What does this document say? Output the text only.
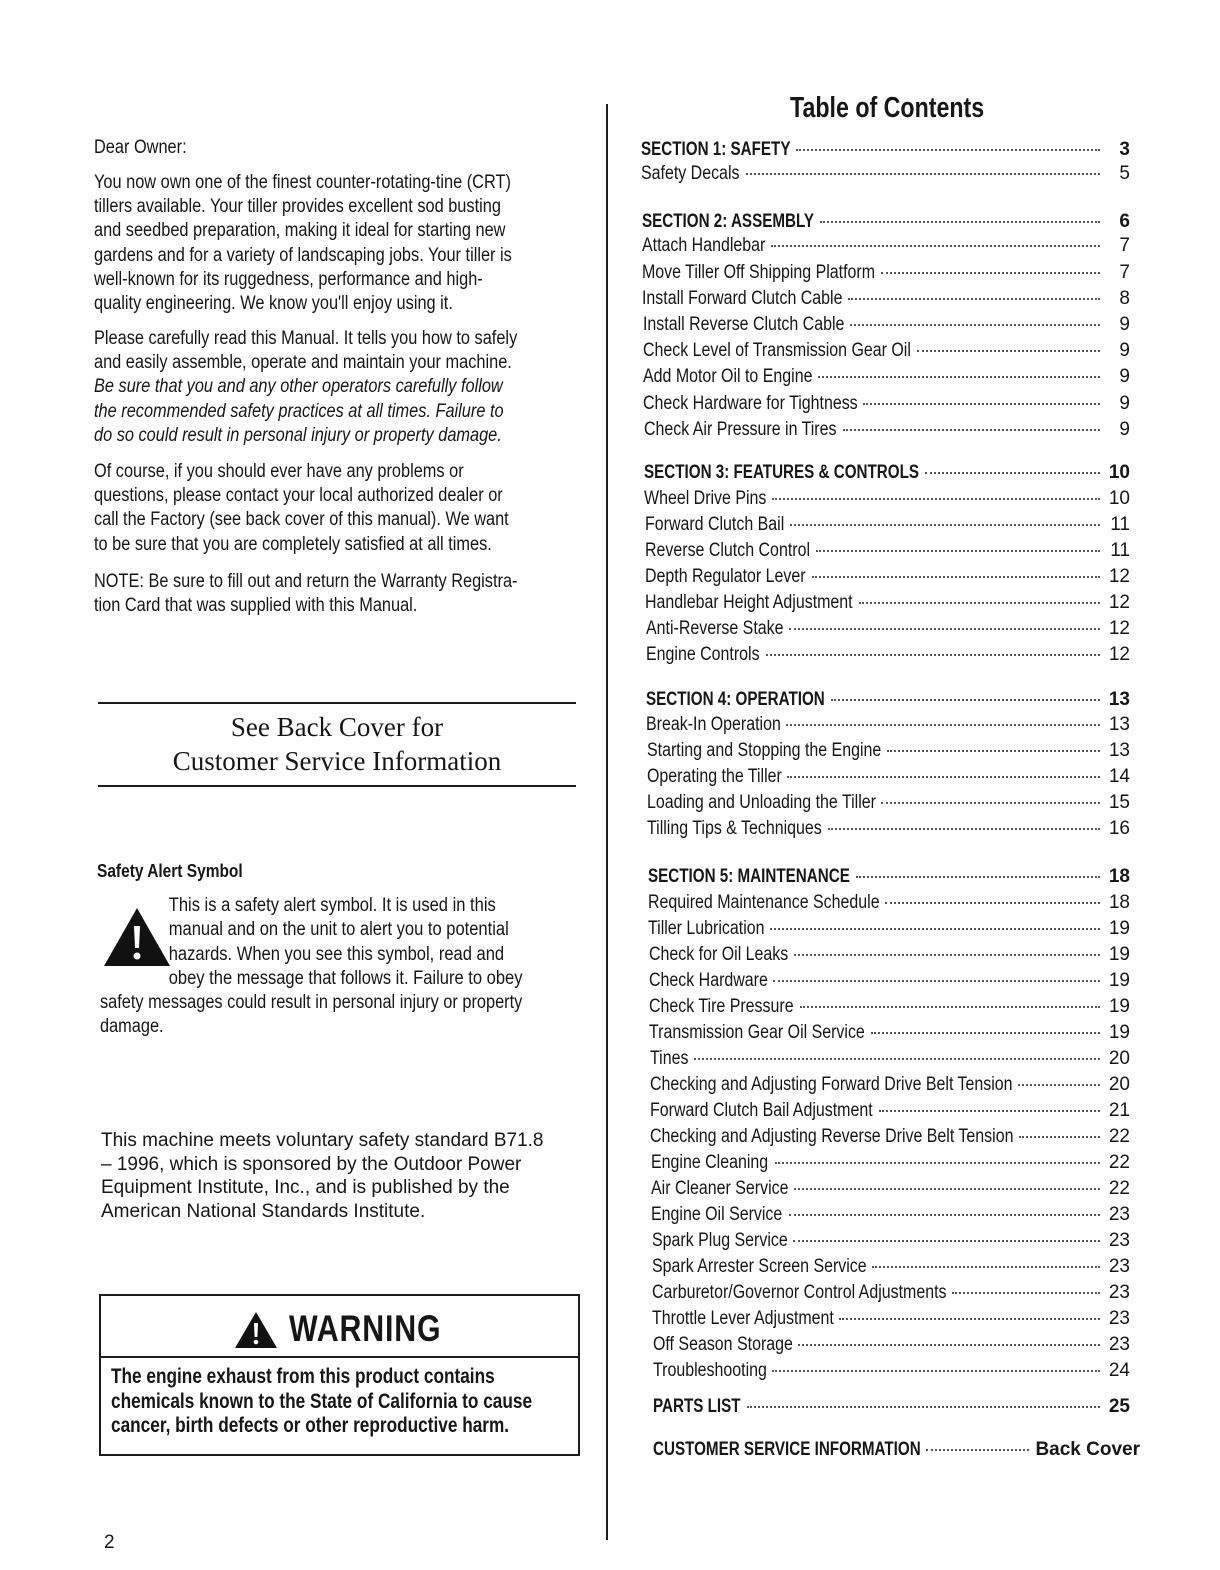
Dear Owner:
You now own one of the finest counter-rotating-tine (CRT)
tillers available. Your tiller provides excellent sod busting
and seedbed preparation, making it ideal for starting new
gardens and for a variety of landscaping jobs. Your tiller is
well-known for its ruggedness, performance and high-
quality engineering. We know you'll enjoy using it.
Please carefully read this Manual. It tells you how to safely
and easily assemble, operate and maintain your machine.
Be sure that you and any other operators carefully follow
the recommended safety practices at all times. Failure to
do so could result in personal injury or property damage.
Of course, if you should ever have any problems or
questions, please contact your local authorized dealer or
call the Factory (see back cover of this manual). We want
to be sure that you are completely satisfied at all times.
NOTE: Be sure to fill out and return the Warranty Registra-
tion Card that was supplied with this Manual.
See Back Cover for
Customer Service Information
Safety Alert Symbol
This is a safety alert symbol. It is used in this
manual and on the unit to alert you to potential
hazards. When you see this symbol, read and
obey the message that follows it. Failure to obey
safety messages could result in personal injury or property
damage.
This machine meets voluntary safety standard B71.8
– 1996, which is sponsored by the Outdoor Power
Equipment Institute, Inc., and is published by the
American National Standards Institute.
WARNING
The engine exhaust from this product contains
chemicals known to the State of California to cause
cancer, birth defects or other reproductive harm.
2
Table of Contents
SECTION 1: SAFETY	3
Safety Decals	5
SECTION 2: ASSEMBLY	6
Attach Handlebar	7
Move Tiller Off Shipping Platform	7
Install Forward Clutch Cable	8
Install Reverse Clutch Cable	9
Check Level of Transmission Gear Oil	9
Add Motor Oil to Engine	9
Check Hardware for Tightness	9
Check Air Pressure in Tires	9
SECTION 3: FEATURES & CONTROLS	10
Wheel Drive Pins	10
Forward Clutch Bail	11
Reverse Clutch Control	11
Depth Regulator Lever	12
Handlebar Height Adjustment	12
Anti-Reverse Stake	12
Engine Controls	12
SECTION 4: OPERATION	13
Break-In Operation	13
Starting and Stopping the Engine	13
Operating the Tiller	14
Loading and Unloading the Tiller	15
Tilling Tips & Techniques	16
SECTION 5: MAINTENANCE	18
Required Maintenance Schedule	18
Tiller Lubrication	19
Check for Oil Leaks	19
Check Hardware	19
Check Tire Pressure	19
Transmission Gear Oil Service	19
Tines	20
Checking and Adjusting Forward Drive Belt Tension	20
Forward Clutch Bail Adjustment	21
Checking and Adjusting Reverse Drive Belt Tension	22
Engine Cleaning	22
Air Cleaner Service	22
Engine Oil Service	23
Spark Plug Service	23
Spark Arrester Screen Service	23
Carburetor/Governor Control Adjustments	23
Throttle Lever Adjustment	23
Off Season Storage	23
Troubleshooting	24
PARTS LIST	25
CUSTOMER SERVICE INFORMATION	Back Cover
